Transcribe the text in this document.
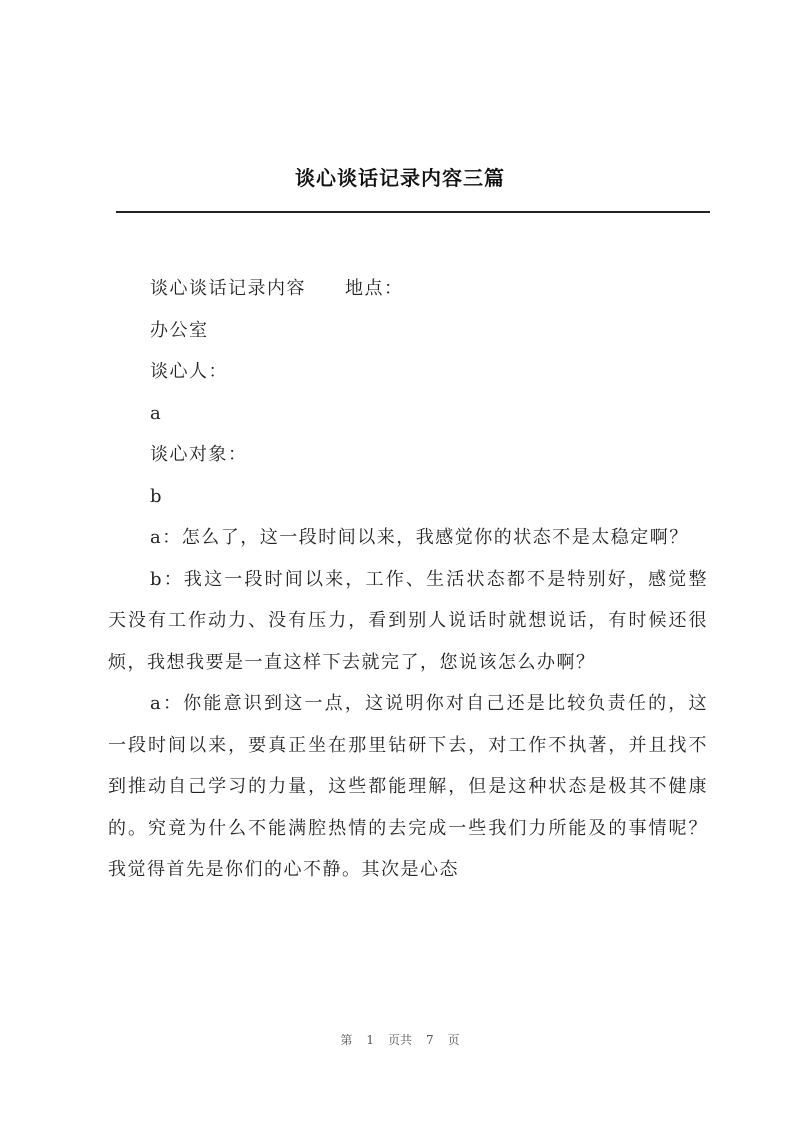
谈心谈话记录内容三篇

谈心谈话记录内容　　地点：

办公室

谈心人：

a

谈心对象：

b

a：怎么了，这一段时间以来，我感觉你的状态不是太稳定啊？

b：我这一段时间以来，工作、生活状态都不是特别好，感觉整天没有工作动力、没有压力，看到别人说话时就想说话，有时候还很烦，我想我要是一直这样下去就完了，您说该怎么办啊？

a：你能意识到这一点，这说明你对自己还是比较负责任的，这一段时间以来，要真正坐在那里钻研下去，对工作不执著，并且找不到推动自己学习的力量，这些都能理解，但是这种状态是极其不健康的。究竟为什么不能满腔热情的去完成一些我们力所能及的事情呢？我觉得首先是你们的心不静。其次是心态

第 1 页共 7 页
